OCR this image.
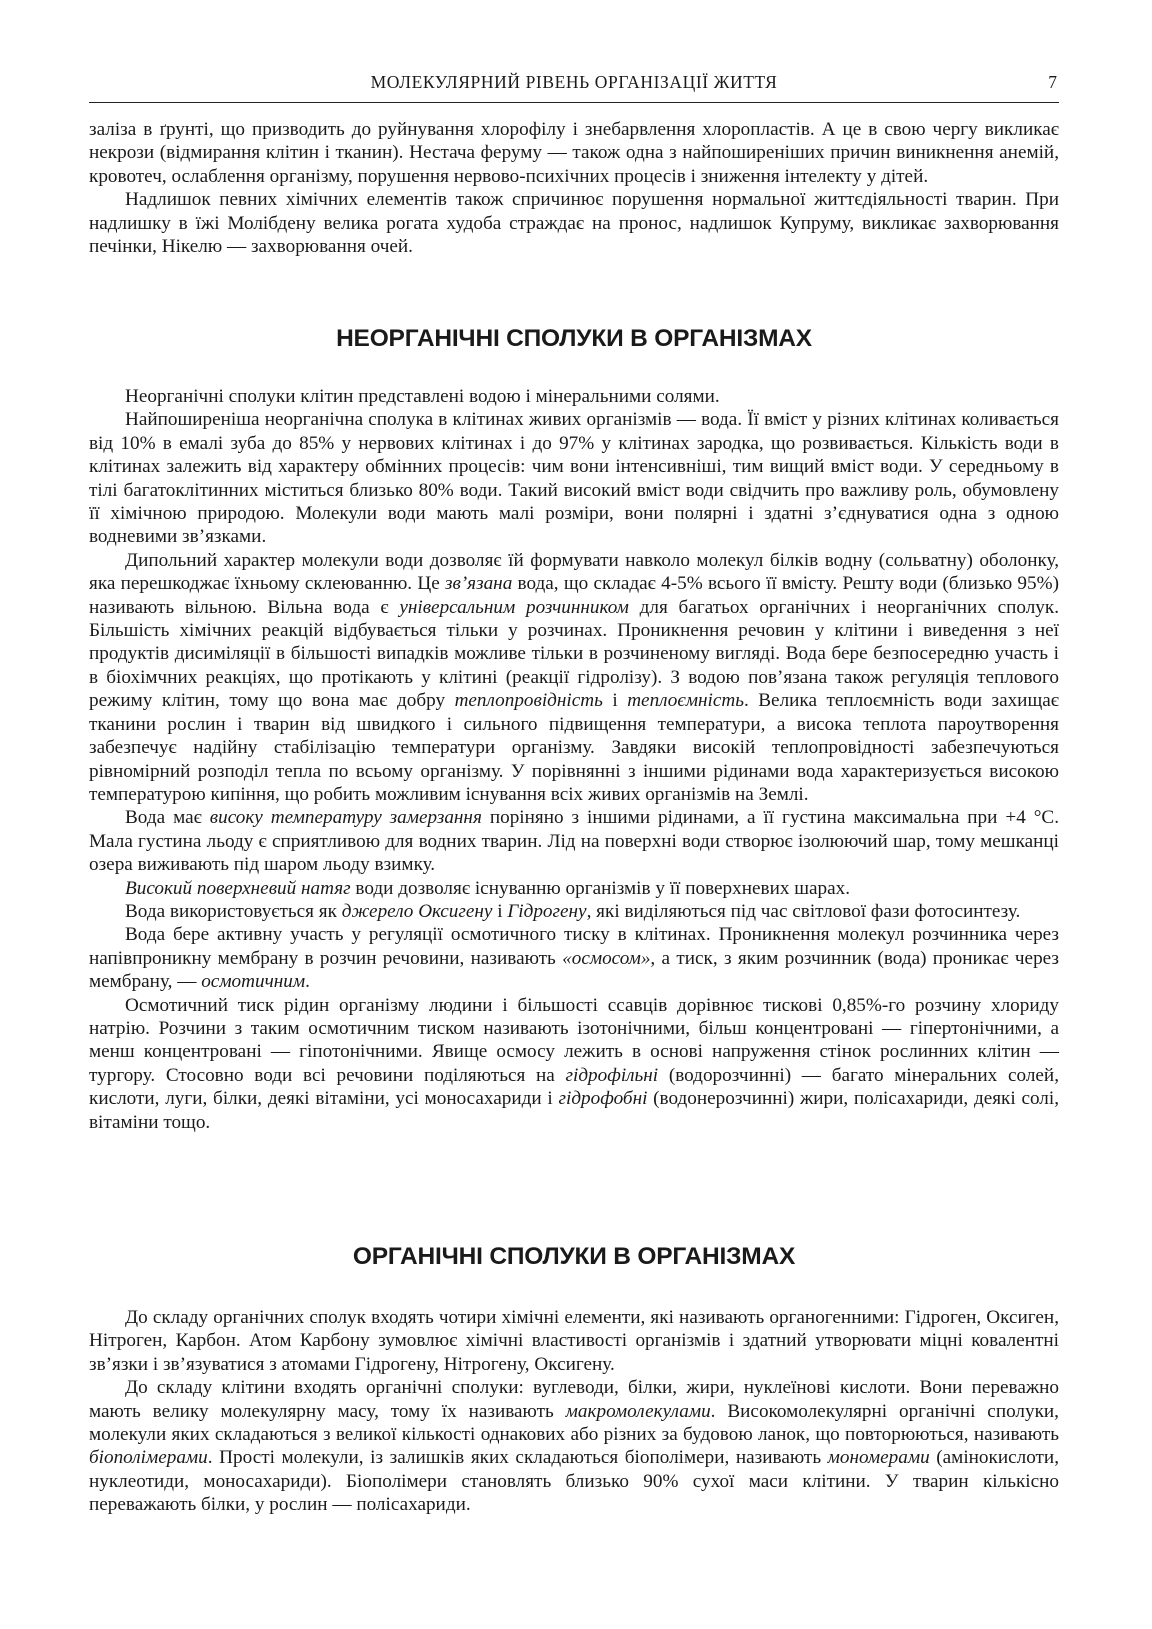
МОЛЕКУЛЯРНИЙ РІВЕНЬ ОРГАНІЗАЦІЇ ЖИТТЯ	7

заліза в ґрунті, що призводить до руйнування хлорофілу і знебарвлення хлоропластів. А це в свою чергу викликає некрози (відмирання клітин і тканин). Нестача феруму — також одна з найпоширеніших причин виникнення анемій, кровотеч, ослаблення організму, порушення нервово-психічних процесів і зниження інтелекту у дітей.

Надлишок певних хімічних елементів також спричинює порушення нормальної життєдіяльності тварин. При надлишку в їжі Молібдену велика рогата худоба страждає на пронос, надлишок Купруму, викликає захворювання печінки, Нікелю — захворювання очей.

НЕОРГАНІЧНІ СПОЛУКИ В ОРГАНІЗМАХ

Неорганічні сполуки клітин представлені водою і мінеральними солями.

Найпоширеніша неорганічна сполука в клітинах живих організмів — вода. Її вміст у різних клітинах коливається від 10% в емалі зуба до 85% у нервових клітинах і до 97% у клітинах зародка, що розвивається. Кількість води в клітинах залежить від характеру обмінних процесів: чим вони інтенсивніші, тим вищий вміст води. У середньому в тілі багатоклітинних міститься близько 80% води. Такий високий вміст води свідчить про важливу роль, обумовлену її хімічною природою. Молекули води мають малі розміри, вони полярні і здатні з’єднуватися одна з одною водневими зв’язками.

Дипольний характер молекули води дозволяє їй формувати навколо молекул білків водну (сольватну) оболонку, яка перешкоджає їхньому склеюванню. Це зв’язана вода, що складає 4-5% всього її вмісту. Решту води (близько 95%) називають вільною. Вільна вода є універсальним розчинником для багатьох органічних і неорганічних сполук. Більшість хімічних реакцій відбувається тільки у розчинах. Проникнення речовин у клітини і виведення з неї продуктів дисиміляції в більшості випадків можливе тільки в розчиненому вигляді. Вода бере безпосередню участь і в біохімчних реакціях, що протікають у клітині (реакції гідролізу). З водою пов’язана також регуляція теплового режиму клітин, тому що вона має добру теплопровідність і теплоємність. Велика теплоємність води захищає тканини рослин і тварин від швидкого і сильного підвищення температури, а висока теплота пароутворення забезпечує надійну стабілізацію температури організму. Завдяки високій теплопровідності забезпечуються рівномірний розподіл тепла по всьому організму. У порівнянні з іншими рідинами вода характеризується високою температурою кипіння, що робить можливим існування всіх живих організмів на Землі.

Вода має високу температуру замерзання поріняно з іншими рідинами, а її густина максимальна при +4 °С. Мала густина льоду є сприятливою для водних тварин. Лід на поверхні води створює ізолюючий шар, тому мешканці озера виживають під шаром льоду взимку.

Високий поверхневий натяг води дозволяє існуванню організмів у її поверхневих шарах.

Вода використовується як джерело Оксигену і Гідрогену, які виділяються під час світлової фази фотосинтезу.

Вода бере активну участь у регуляції осмотичного тиску в клітинах. Проникнення молекул розчинника через напівпроникну мембрану в розчин речовини, називають «осмосом», а тиск, з яким розчинник (вода) проникає через мембрану, — осмотичним.

Осмотичний тиск рідин організму людини і більшості ссавців дорівнює тискові 0,85%-го розчину хлориду натрію. Розчини з таким осмотичним тиском називають ізотонічними, більш концентровані — гіпертонічними, а менш концентровані — гіпотонічними. Явище осмосу лежить в основі напруження стінок рослинних клітин — тургору. Стосовно води всі речовини поділяються на гідрофільні (водорозчинні) — багато мінеральних солей, кислоти, луги, білки, деякі вітаміни, усі моносахариди і гідрофобні (водонерозчинні) жири, полісахариди, деякі солі, вітаміни тощо.

ОРГАНІЧНІ СПОЛУКИ В ОРГАНІЗМАХ

До складу органічних сполук входять чотири хімічні елементи, які називають органогенними: Гідроген, Оксиген, Нітроген, Карбон. Атом Карбону зумовлює хімічні властивості організмів і здатний утворювати міцні ковалентні зв’язки і зв’язуватися з атомами Гідрогену, Нітрогену, Оксигену.

До складу клітини входять органічні сполуки: вуглеводи, білки, жири, нуклеїнові кислоти. Вони переважно мають велику молекулярну масу, тому їх називають макромолекулами. Високомолекулярні органічні сполуки, молекули яких складаються з великої кількості однакових або різних за будовою ланок, що повторюються, називають біополімерами. Прості молекули, із залишків яких складаються біополімери, називають мономерами (амінокислоти, нуклеотиди, моносахариди). Біополімери становлять близько 90% сухої маси клітини. У тварин кількісно переважають білки, у рослин — полісахариди.
